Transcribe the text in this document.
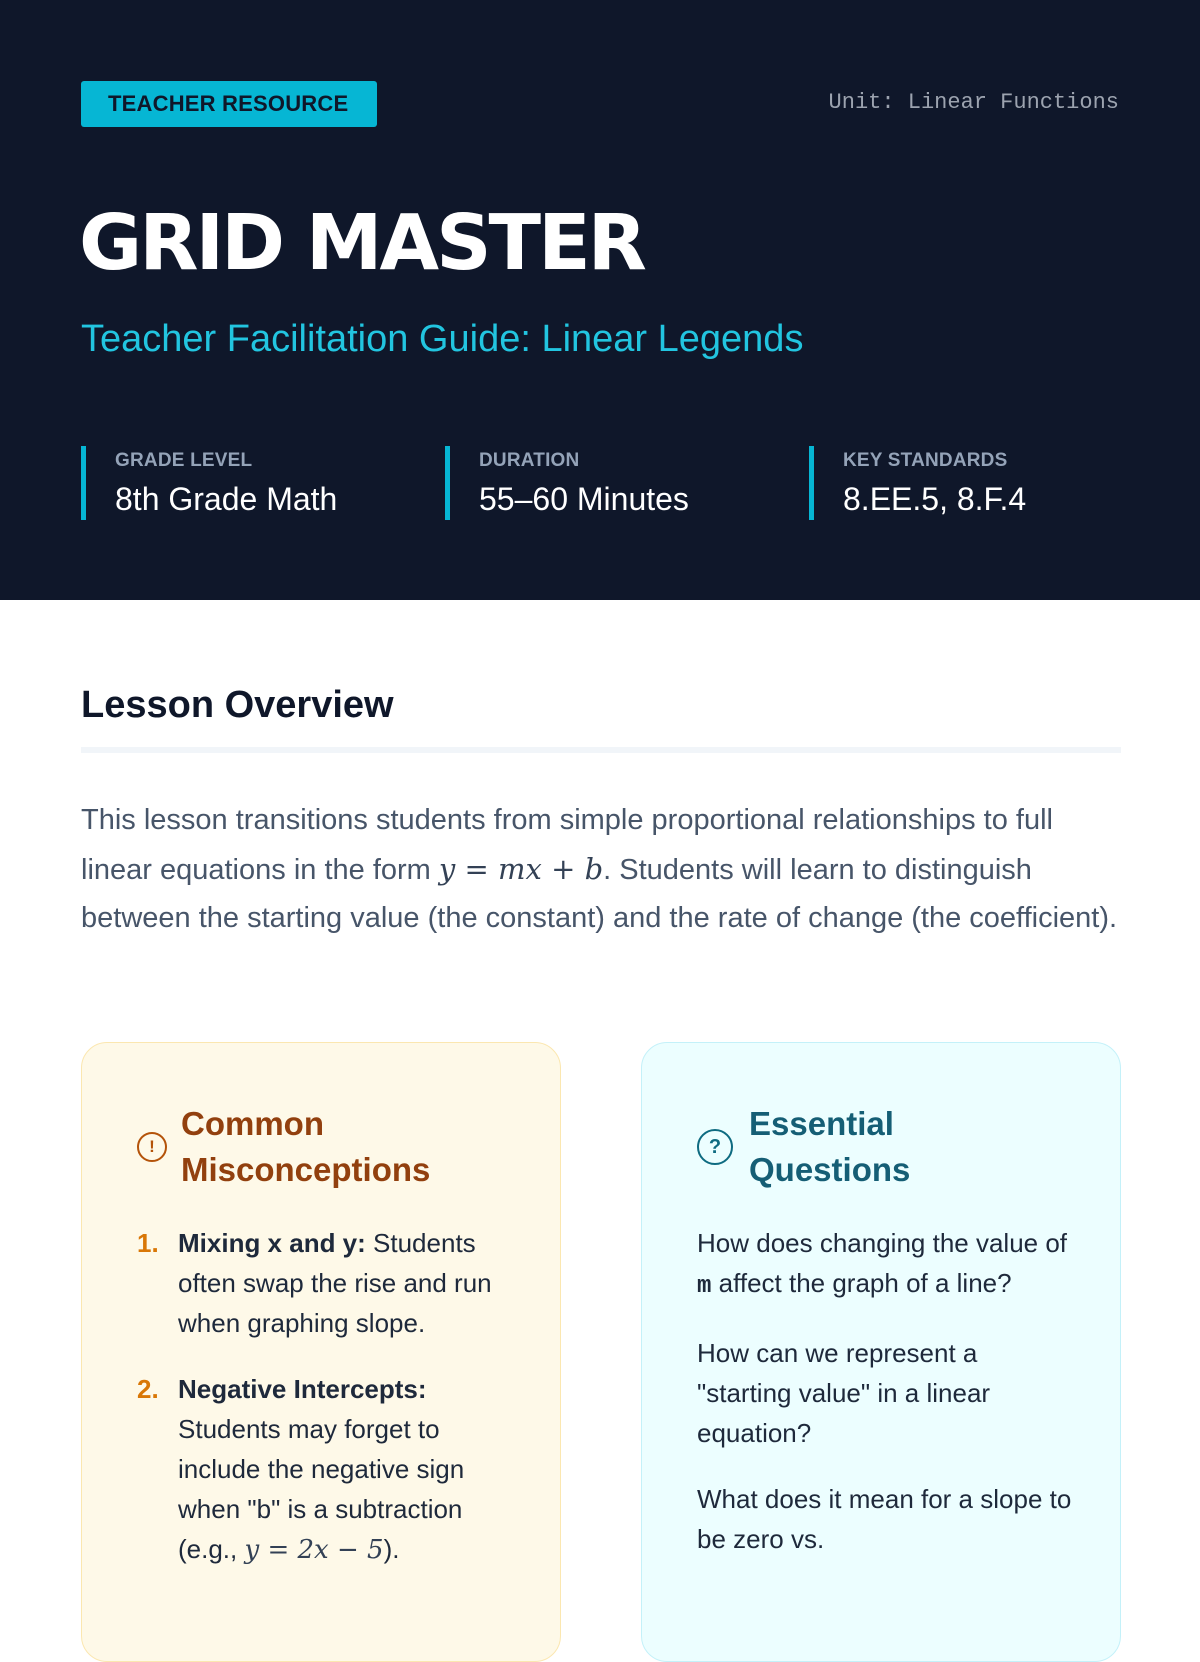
TEACHER RESOURCE	Unit: Linear Functions
GRID MASTER
Teacher Facilitation Guide: Linear Legends
GRADE LEVEL
8th Grade Math
DURATION
55–60 Minutes
KEY STANDARDS
8.EE.5, 8.F.4
Lesson Overview

This lesson transitions students from simple proportional relationships to full linear equations in the form y = mx + b. Students will learn to distinguish between the starting value (the constant) and the rate of change (the coefficient).

!
Common Misconceptions
1. Mixing x and y: Students often swap the rise and run when graphing slope.
2. Negative Intercepts: Students may forget to include the negative sign when "b" is a subtraction (e.g., y = 2x − 5).
?
Essential Questions

How does changing the value of m affect the graph of a line?

How can we represent a "starting value" in a linear equation?

What does it mean for a slope to be zero vs.
